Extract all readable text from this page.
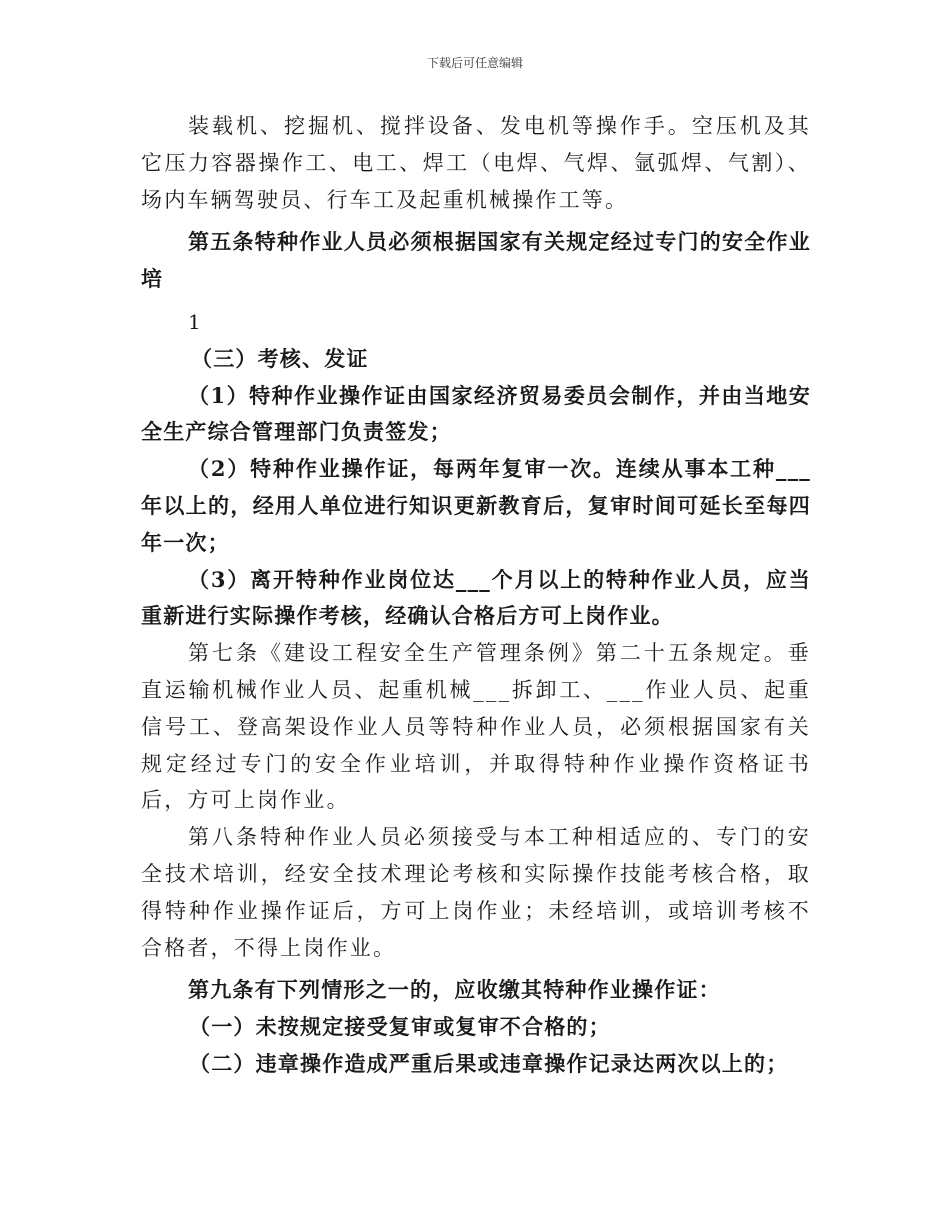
下载后可任意编辑

装载机、挖掘机、搅拌设备、发电机等操作手。空压机及其它压力容器操作工、电工、焊工（电焊、气焊、氩弧焊、气割）、场内车辆驾驶员、行车工及起重机械操作工等。

第五条特种作业人员必须根据国家有关规定经过专门的安全作业培

1

（三）考核、发证

（1）特种作业操作证由国家经济贸易委员会制作，并由当地安全生产综合管理部门负责签发；

（2）特种作业操作证，每两年复审一次。连续从事本工种___年以上的，经用人单位进行知识更新教育后，复审时间可延长至每四年一次；

（3）离开特种作业岗位达___个月以上的特种作业人员，应当重新进行实际操作考核，经确认合格后方可上岗作业。

第七条《建设工程安全生产管理条例》第二十五条规定。垂直运输机械作业人员、起重机械___拆卸工、___作业人员、起重信号工、登高架设作业人员等特种作业人员，必须根据国家有关规定经过专门的安全作业培训，并取得特种作业操作资格证书后，方可上岗作业。

第八条特种作业人员必须接受与本工种相适应的、专门的安全技术培训，经安全技术理论考核和实际操作技能考核合格，取得特种作业操作证后，方可上岗作业；未经培训，或培训考核不合格者，不得上岗作业。

第九条有下列情形之一的，应收缴其特种作业操作证：

（一）未按规定接受复审或复审不合格的；

（二）违章操作造成严重后果或违章操作记录达两次以上的；
